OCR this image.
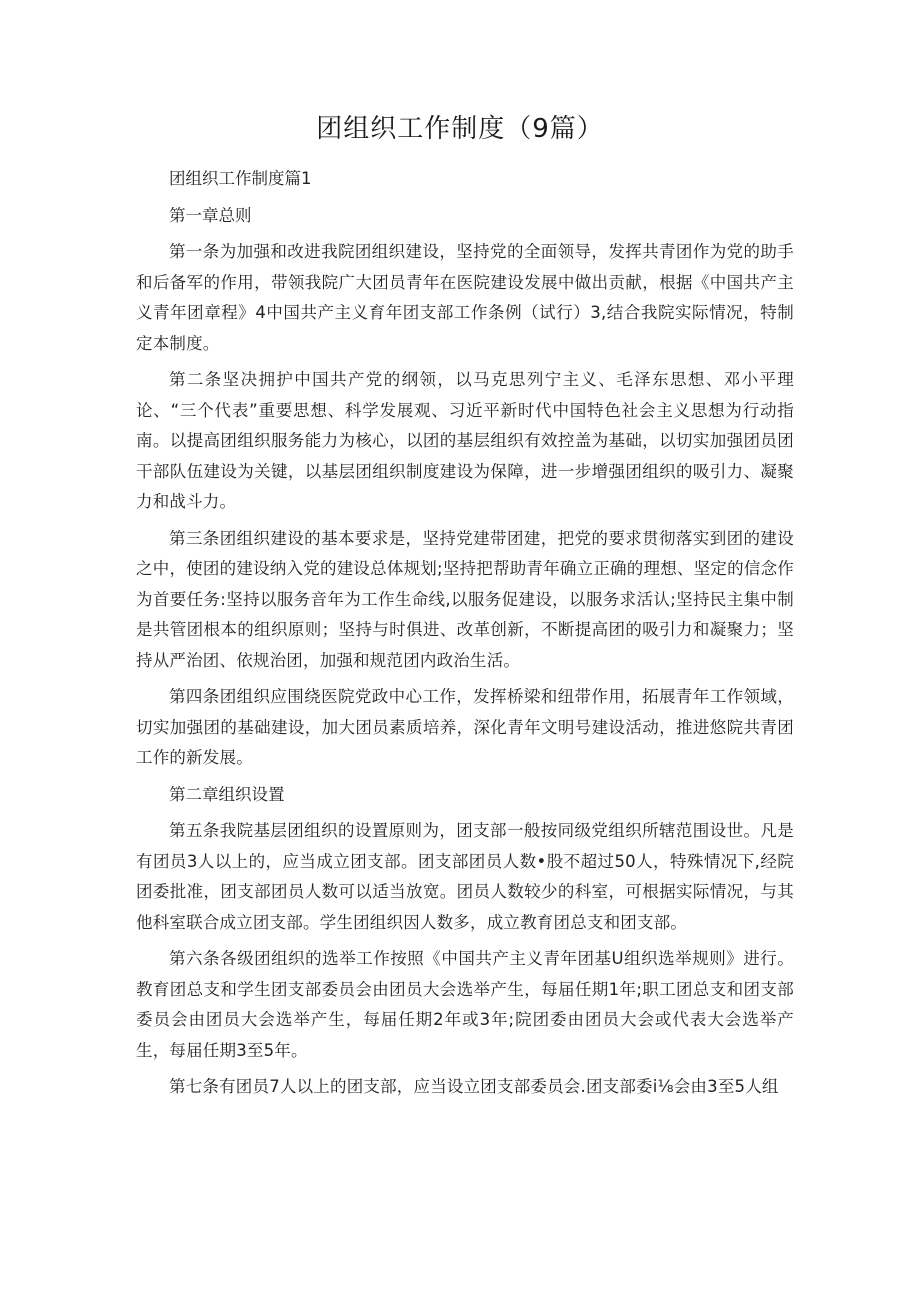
团组织工作制度（9篇）

团组织工作制度篇1

第一章总则

第一条为加强和改进我院团组织建设，坚持党的全面领导，发挥共青团作为党的助手和后备军的作用，带领我院广大团员青年在医院建设发展中做出贡献，根据《中国共产主义青年团章程》4中国共产主义育年团支部工作条例（试行）3,结合我院实际情况，特制定本制度。

第二条坚决拥护中国共产党的纲领，以马克思列宁主义、毛泽东思想、邓小平理论、“三个代表”重要思想、科学发展观、习近平新时代中国特色社会主义思想为行动指南。以提高团组织服务能力为核心，以团的基层组织有效控盖为基础，以切实加强团员团干部队伍建设为关键，以基层团组织制度建设为保障，进一步增强团组织的吸引力、凝聚力和战斗力。

第三条团组织建设的基本要求是，坚持党建带团建，把党的要求贯彻落实到团的建设之中，使团的建设纳入党的建设总体规划;坚持把帮助青年确立正确的理想、坚定的信念作为首要任务:坚持以服务音年为工作生命线,以服务促建设，以服务求活认;坚持民主集中制是共管团根本的组织原则；坚持与时俱进、改革创新，不断提高团的吸引力和凝聚力；坚持从严治团、依规治团，加强和规范团内政治生活。

第四条团组织应围绕医院党政中心工作，发挥桥梁和纽带作用，拓展青年工作领域，切实加强团的基础建设，加大团员素质培养，深化青年文明号建设活动，推进悠院共青团工作的新发展。

第二章组织设置

第五条我院基层团组织的设置原则为，团支部一般按同级党组织所辖范围设世。凡是有团员3人以上的，应当成立团支部。团支部团员人数•股不超过50人，特殊情况下,经院团委批准，团支部团员人数可以适当放宽。团员人数较少的科室，可根据实际情况，与其他科室联合成立团支部。学生团组织因人数多，成立教育团总支和团支部。

第六条各级团组织的选举工作按照《中国共产主义青年团基U组织选举规则》进行。教育团总支和学生团支部委员会由团员大会选举产生，每届任期1年;职工团总支和团支部委员会由团员大会选举产生，每届任期2年或3年;院团委由团员大会或代表大会选举产生，每届任期3至5年。

第七条有团员7人以上的团支部，应当设立团支部委员会.团支部委i⅛会由3至5人组
